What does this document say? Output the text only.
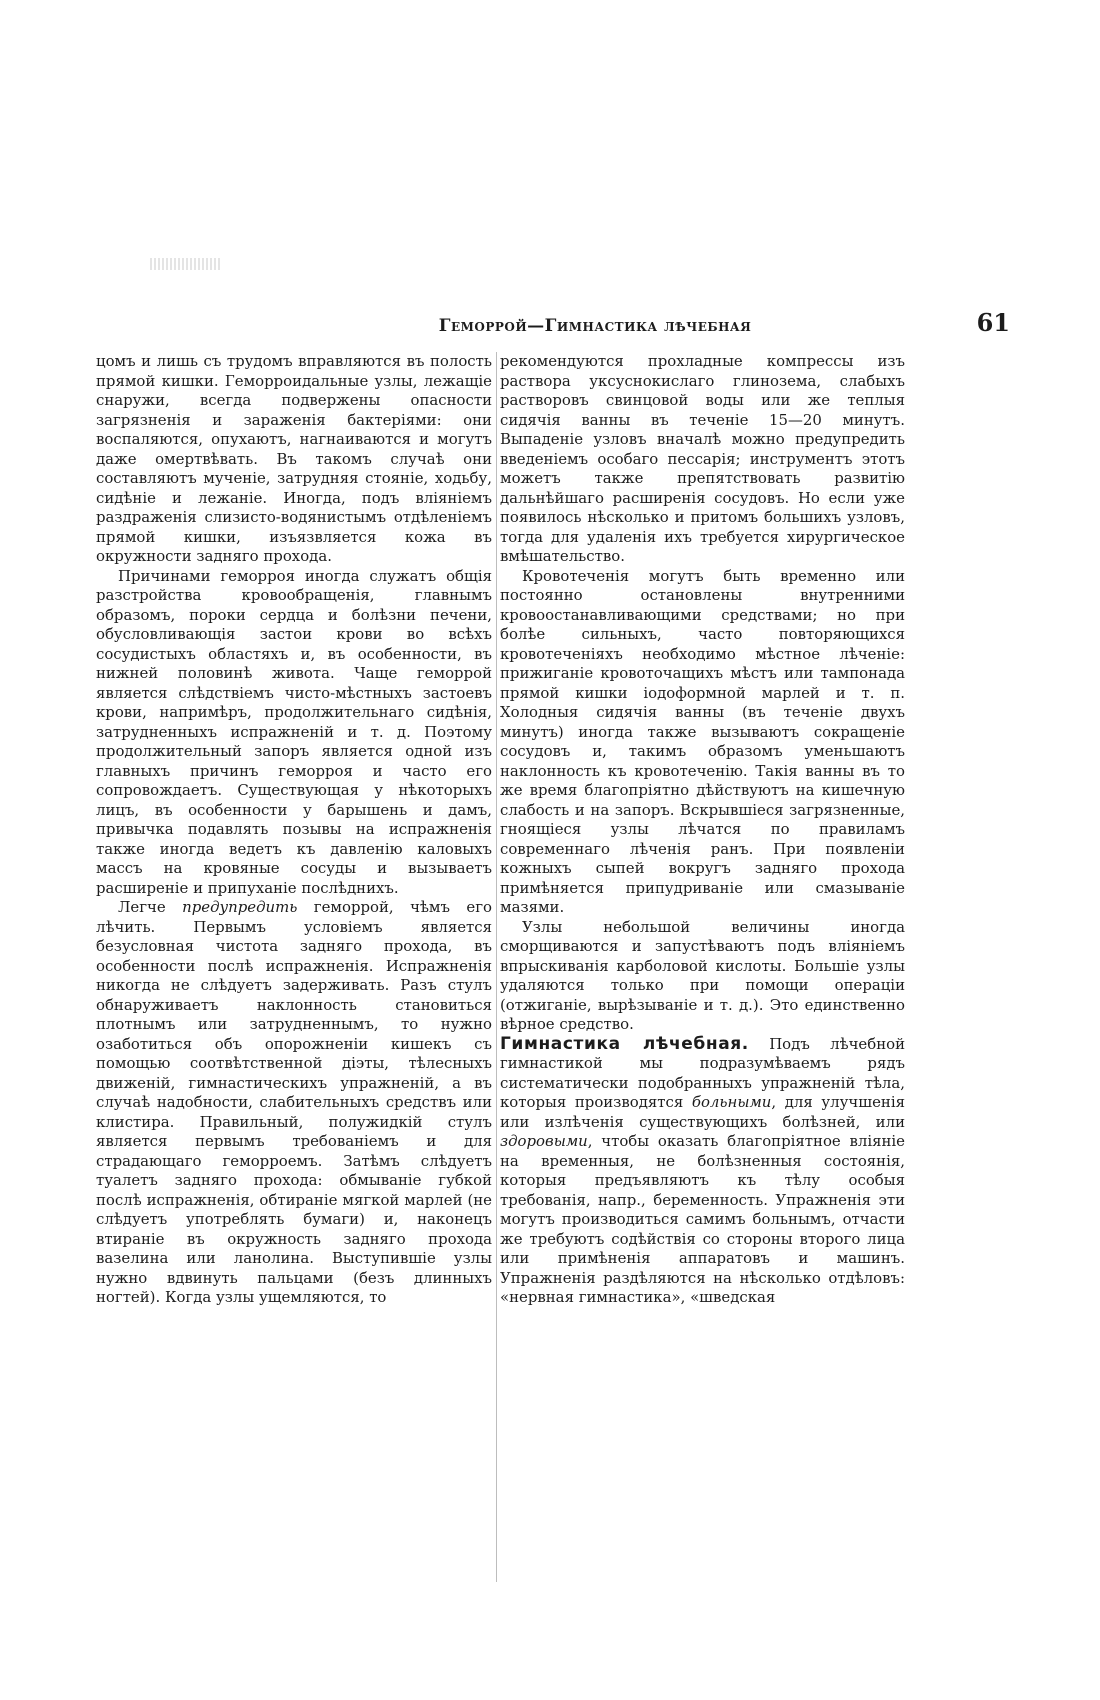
Геморрой—Гимнастика лѣчебная	61

цомъ и лишь съ трудомъ вправляются въ полость прямой кишки. Геморроидальные узлы, лежащіе снаружи, всегда подвержены опасности загрязненія и зараженія бактеріями: они воспаляются, опухаютъ, нагнаиваются и могутъ даже омертвѣвать. Въ такомъ случаѣ они составляютъ мученіе, затрудняя стояніе, ходьбу, сидѣніе и лежаніе. Иногда, подъ вліяніемъ раздраженія слизисто-водянистымъ отдѣленіемъ прямой кишки, изъязвляется кожа въ окружности задняго прохода.

Причинами геморроя иногда служатъ общія разстройства кровообращенія, главнымъ образомъ, пороки сердца и болѣзни печени, обусловливающія застои крови во всѣхъ сосудистыхъ областяхъ и, въ особенности, въ нижней половинѣ живота. Чаще геморрой является слѣдствіемъ чисто-мѣстныхъ застоевъ крови, напримѣръ, продолжительнаго сидѣнія, затрудненныхъ испражненій и т. д. Поэтому продолжительный запоръ является одной изъ главныхъ причинъ геморроя и часто его сопровождаетъ. Существующая у нѣкоторыхъ лицъ, въ особенности у барышень и дамъ, привычка подавлять позывы на испражненія также иногда ведетъ къ давленію каловыхъ массъ на кровяные сосуды и вызываетъ расширеніе и припуханіе послѣднихъ.

Легче предупредить геморрой, чѣмъ его лѣчить. Первымъ условіемъ является безусловная чистота задняго прохода, въ особенности послѣ испражненія. Испражненія никогда не слѣдуетъ задерживать. Разъ стулъ обнаруживаетъ наклонность становиться плотнымъ или затрудненнымъ, то нужно озаботиться объ опорожненіи кишекъ съ помощью соотвѣтственной діэты, тѣлесныхъ движеній, гимнастическихъ упражненій, а въ случаѣ надобности, слабительныхъ средствъ или клистира. Правильный, полужидкій стулъ является первымъ требованіемъ и для страдающаго геморроемъ. Затѣмъ слѣдуетъ туалетъ задняго прохода: обмываніе губкой послѣ испражненія, обтираніе мягкой марлей (не слѣдуетъ употреблять бумаги) и, наконецъ втираніе въ окружность задняго прохода вазелина или ланолина. Выступившіе узлы нужно вдвинуть пальцами (безъ длинныхъ ногтей). Когда узлы ущемляются, то

рекомендуются прохладные компрессы изъ раствора уксуснокислаго глинозема, слабыхъ растворовъ свинцовой воды или же теплыя сидячія ванны въ теченіе 15—20 минутъ. Выпаденіе узловъ вначалѣ можно предупредить введеніемъ особаго пессарія; инструментъ этотъ можетъ также препятствовать развитію дальнѣйшаго расширенія сосудовъ. Но если уже появилось нѣсколько и притомъ большихъ узловъ, тогда для удаленія ихъ требуется хирургическое вмѣшательство.

Кровотеченія могутъ быть временно или постоянно остановлены внутренними кровоостанавливающими средствами; но при болѣе сильныхъ, часто повторяющихся кровотеченіяхъ необходимо мѣстное лѣченіе: прижиганіе кровоточащихъ мѣстъ или тампонада прямой кишки іодоформной марлей и т. п. Холодныя сидячія ванны (въ теченіе двухъ минутъ) иногда также вызываютъ сокращеніе сосудовъ и, такимъ образомъ уменьшаютъ наклонность къ кровотеченію. Такія ванны въ то же время благопріятно дѣйствуютъ на кишечную слабость и на запоръ. Вскрывшіеся загрязненные, гноящіеся узлы лѣчатся по правиламъ современнаго лѣченія ранъ. При появленіи кожныхъ сыпей вокругъ задняго прохода примѣняется припудриваніе или смазываніе мазями.

Узлы небольшой величины иногда сморщиваются и запустѣваютъ подъ вліяніемъ впрыскиванія карболовой кислоты. Большіе узлы удаляются только при помощи операціи (отжиганіе, вырѣзываніе и т. д.). Это единственно вѣрное средство.

Гимнастика лѣчебная. Подъ лѣчебной гимнастикой мы подразумѣваемъ рядъ систематически подобранныхъ упражненій тѣла, которыя производятся больными, для улучшенія или излѣченія существующихъ болѣзней, или здоровыми, чтобы оказать благопріятное вліяніе на временныя, не болѣзненныя состоянія, которыя предъявляютъ къ тѣлу особыя требованія, напр., беременность. Упражненія эти могутъ производиться самимъ больнымъ, отчасти же требуютъ содѣйствія со стороны второго лица или примѣненія аппаратовъ и машинъ. Упражненія раздѣляются на нѣсколько отдѣловъ: «нервная гимнастика», «шведская
